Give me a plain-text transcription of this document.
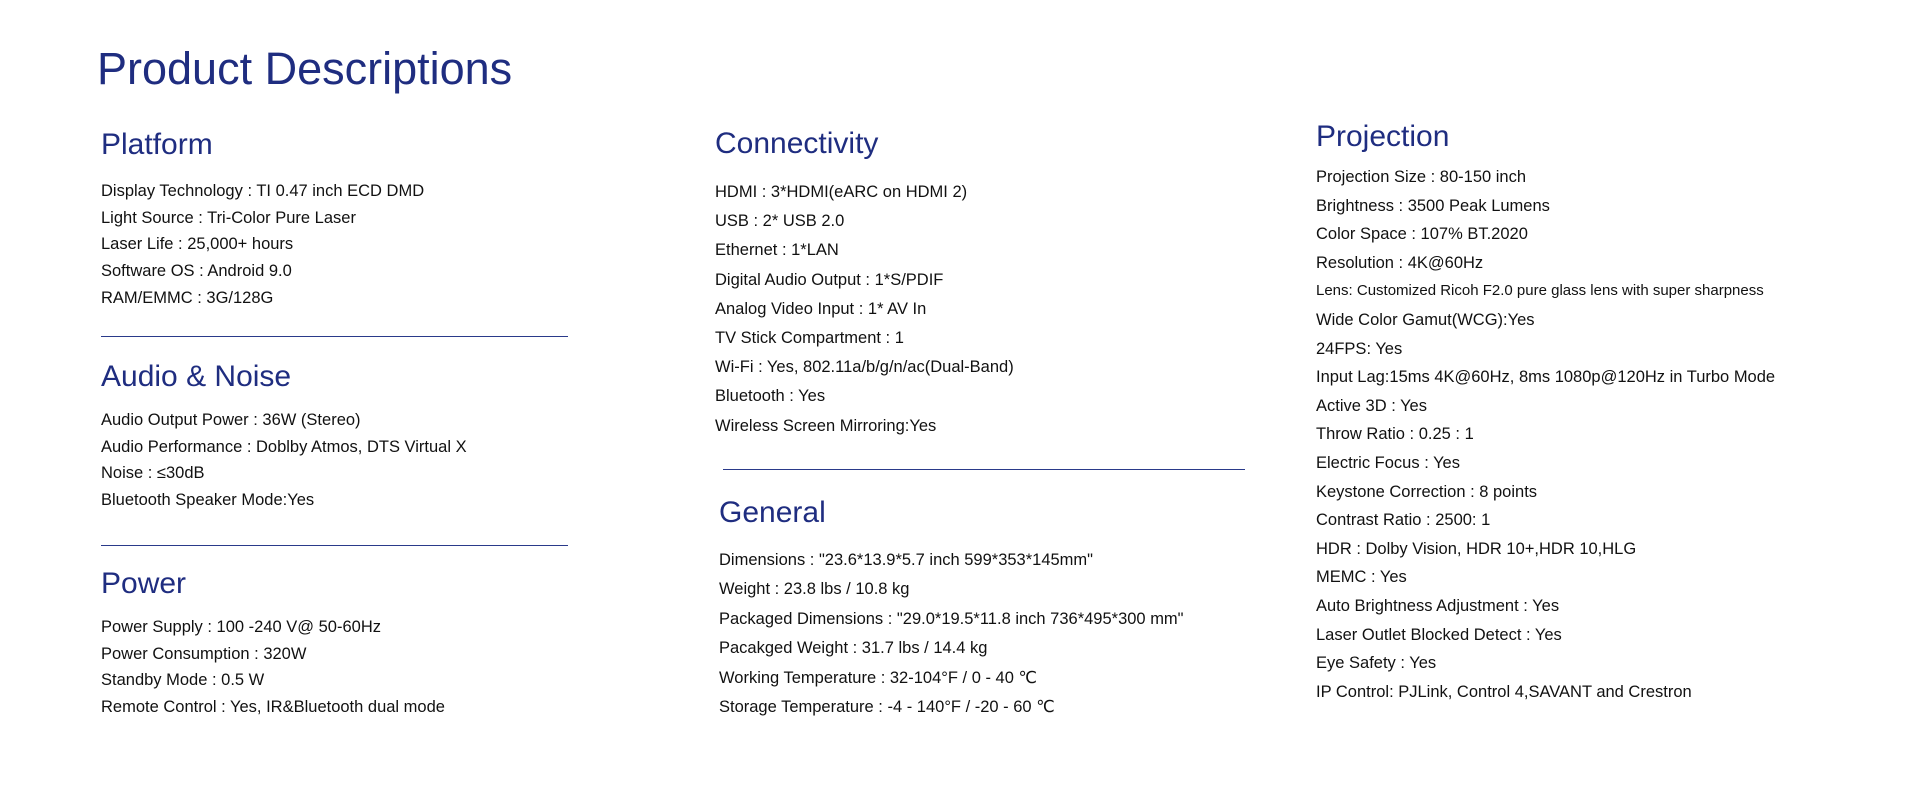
Product Descriptions
Platform
Display Technology : TI 0.47 inch ECD DMD
Light Source : Tri-Color Pure Laser
Laser Life : 25,000+ hours
Software OS : Android 9.0
RAM/EMMC : 3G/128G
Audio & Noise
Audio Output Power : 36W (Stereo)
Audio Performance : Doblby Atmos, DTS Virtual X
Noise : ≤30dB
Bluetooth Speaker Mode:Yes
Power
Power Supply : 100 -240 V@ 50-60Hz
Power Consumption : 320W
Standby Mode : 0.5 W
Remote Control : Yes, IR&Bluetooth dual mode
Connectivity
HDMI : 3*HDMI(eARC on HDMI 2)
USB : 2* USB 2.0
Ethernet : 1*LAN
Digital Audio Output : 1*S/PDIF
Analog Video Input : 1* AV In
TV Stick Compartment : 1
Wi-Fi : Yes, 802.11a/b/g/n/ac(Dual-Band)
Bluetooth : Yes
Wireless Screen Mirroring:Yes
General
Dimensions : "23.6*13.9*5.7 inch 599*353*145mm"
Weight : 23.8 lbs / 10.8 kg
Packaged Dimensions : "29.0*19.5*11.8 inch 736*495*300 mm"
Pacakged Weight : 31.7 lbs / 14.4 kg
Working Temperature : 32-104°F / 0 - 40 ℃
Storage Temperature : -4 - 140°F / -20 - 60 ℃
Projection
Projection Size : 80-150 inch
Brightness : 3500 Peak Lumens
Color Space : 107% BT.2020
Resolution : 4K@60Hz
Lens: Customized Ricoh F2.0 pure glass lens with super sharpness
Wide Color Gamut(WCG):Yes
24FPS: Yes
Input Lag:15ms 4K@60Hz, 8ms 1080p@120Hz in Turbo Mode
Active 3D : Yes
Throw Ratio : 0.25 : 1
Electric Focus : Yes
Keystone Correction : 8 points
Contrast Ratio : 2500: 1
HDR : Dolby Vision, HDR 10+,HDR 10,HLG
MEMC : Yes
Auto Brightness Adjustment : Yes
Laser Outlet Blocked Detect : Yes
Eye Safety : Yes
IP Control: PJLink, Control 4,SAVANT and Crestron
